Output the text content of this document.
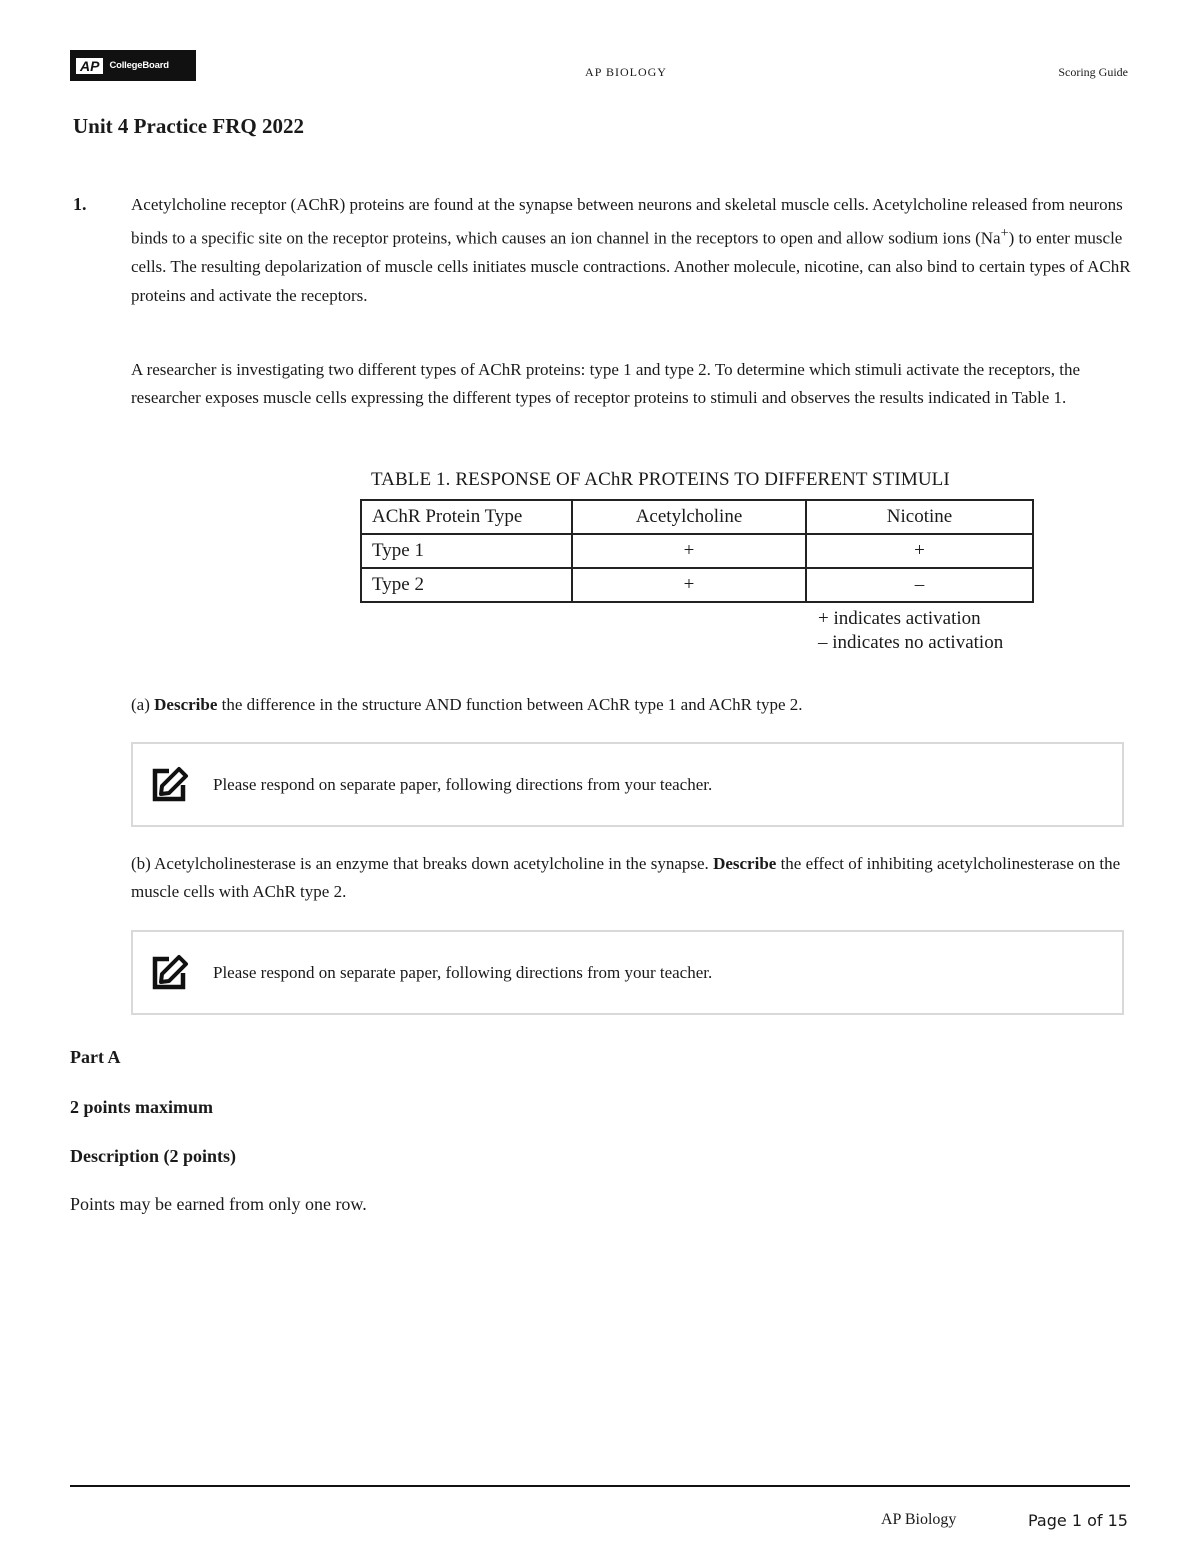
AP	CollegeBoard	AP BIOLOGY	Scoring Guide
Unit 4 Practice FRQ 2022
1.	Acetylcholine receptor (AChR) proteins are found at the synapse between neurons and skeletal muscle cells. Acetylcholine released from neurons binds to a specific site on the receptor proteins, which causes an ion channel in the receptors to open and allow sodium ions (Na+) to enter muscle cells. The resulting depolarization of muscle cells initiates muscle contractions. Another molecule, nicotine, can also bind to certain types of AChR proteins and activate the receptors.
A researcher is investigating two different types of AChR proteins: type 1 and type 2. To determine which stimuli activate the receptors, the researcher exposes muscle cells expressing the different types of receptor proteins to stimuli and observes the results indicated in Table 1.
TABLE 1. RESPONSE OF AChR PROTEINS TO DIFFERENT STIMULI
AChR Protein Type	Acetylcholine	Nicotine
Type 1	+	+
Type 2	+	–
+ indicates activation
– indicates no activation
(a) Describe the difference in the structure AND function between AChR type 1 and AChR type 2.
Please respond on separate paper, following directions from your teacher.
(b) Acetylcholinesterase is an enzyme that breaks down acetylcholine in the synapse. Describe the effect of inhibiting acetylcholinesterase on the muscle cells with AChR type 2.
Please respond on separate paper, following directions from your teacher.
Part A
2 points maximum
Description (2 points)
Points may be earned from only one row.
AP Biology	Page 1 of 15
